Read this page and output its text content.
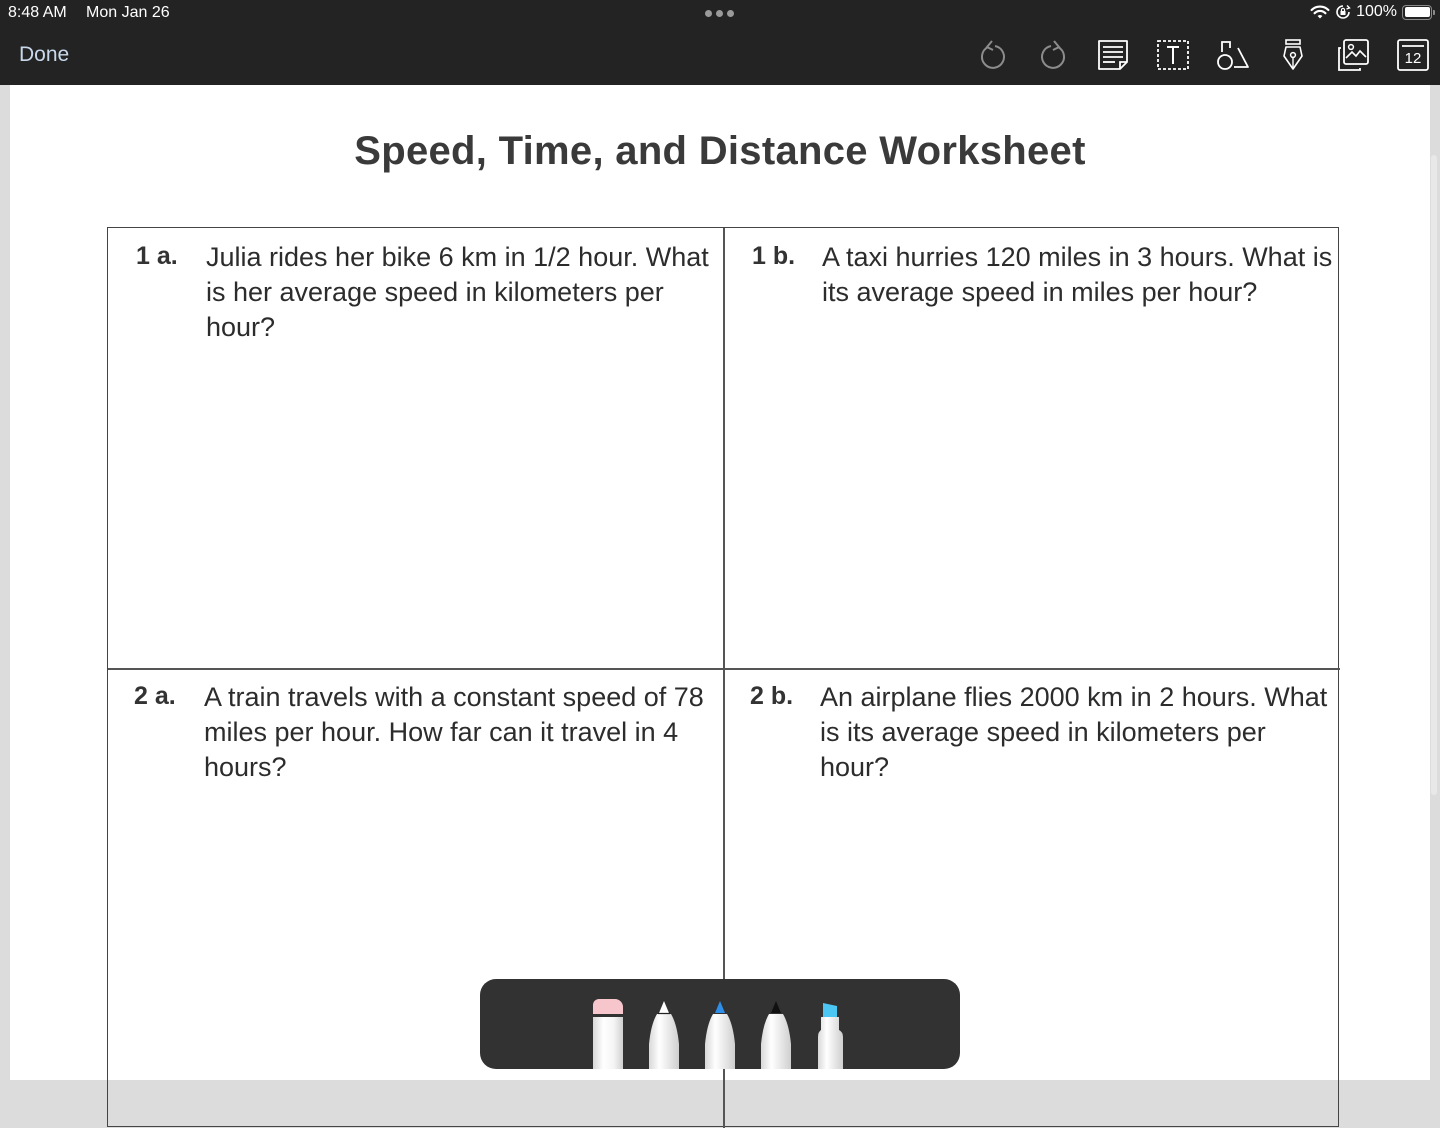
8:48 AM Mon Jan 26	100%
Done	12
Speed, Time, and Distance Worksheet
1 a. Julia rides her bike 6 km in 1/2 hour. What is her average speed in kilometers per hour?
1 b. A taxi hurries 120 miles in 3 hours. What is its average speed in miles per hour?
2 a. A train travels with a constant speed of 78 miles per hour. How far can it travel in 4 hours?
2 b. An airplane flies 2000 km in 2 hours. What is its average speed in kilometers per hour?
